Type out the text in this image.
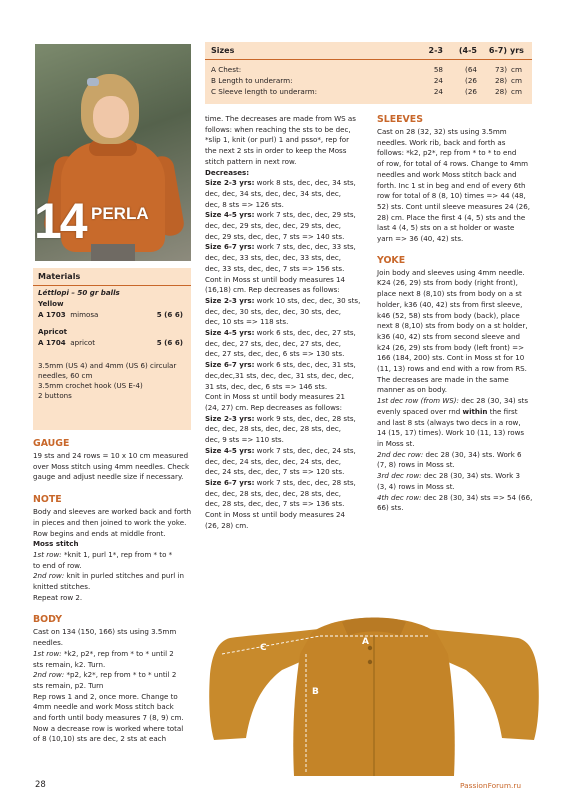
14 PERLA
Sizes	2-3	(4-5	6-7) yrs
A Chest:	58	(64	73) cm
B Length to underarm:	24	(26	28) cm
C Sleeve length to underarm:	24	(26	28) cm
Materials
Léttlopi – 50 gr balls
Yellow
A 1703 mimosa	5 (6 6)
Apricot
A 1704 apricot	5 (6 6)
3.5mm (US 4) and 4mm (US 6) circular
needles, 60 cm
3.5mm crochet hook (US E-4)
2 buttons
GAUGE

19 sts and 24 rows = 10 x 10 cm measured

over Moss stitch using 4mm needles. Check

gauge and adjust needle size if necessary.

NOTE

Body and sleeves are worked back and forth

in pieces and then joined to work the yoke.

Row begins and ends at middle front.

Moss stitch

1st row: *knit 1, purl 1*, rep from * to *

to end of row.

2nd row: knit in purled stitches and purl in

knitted stitches.

Repeat row 2.

BODY

Cast on 134 (150, 166) sts using 3.5mm

needles.

1st row: *k2, p2*, rep from * to * until 2

sts remain, k2. Turn.

2nd row: *p2, k2*, rep from * to * until 2

sts remain, p2. Turn

Rep rows 1 and 2, once more. Change to

4mm needle and work Moss stitch back

and forth until body measures 7 (8, 9) cm.

Now a decrease row is worked where total

of 8 (10,10) sts are dec, 2 sts at each

time. The decreases are made from WS as

follows: when reaching the sts to be dec,

*slip 1, knit (or purl) 1 and psso*, rep for

the next 2 sts in order to keep the Moss

stitch pattern in next row.

Decreases:

Size 2-3 yrs: work 8 sts, dec, dec, 34 sts,

dec, dec, 34 sts, dec, dec, 34 sts, dec,

dec, 8 sts => 126 sts.

Size 4-5 yrs: work 7 sts, dec, dec, 29 sts,

dec, dec, 29 sts, dec, dec, 29 sts, dec,

dec, 29 sts, dec, dec, 7 sts => 140 sts.

Size 6-7 yrs: work 7 sts, dec, dec, 33 sts,

dec, dec, 33 sts, dec, dec, 33 sts, dec,

dec, 33 sts, dec, dec, 7 sts => 156 sts.

Cont in Moss st until body measures 14

(16,18) cm. Rep decreases as follows:

Size 2-3 yrs: work 10 sts, dec, dec, 30 sts,

dec, dec, 30 sts, dec, dec, 30 sts, dec,

dec, 10 sts => 118 sts.

Size 4-5 yrs: work 6 sts, dec, dec, 27 sts,

dec, dec, 27 sts, dec, dec, 27 sts, dec,

dec, 27 sts, dec, dec, 6 sts => 130 sts.

Size 6-7 yrs: work 6 sts, dec, dec, 31 sts,

dec,dec,31 sts, dec, dec, 31 sts, dec, dec,

31 sts, dec, dec, 6 sts => 146 sts.

Cont in Moss st until body measures 21

(24, 27) cm. Rep decreases as follows:

Size 2-3 yrs: work 9 sts, dec, dec, 28 sts,

dec, dec, 28 sts, dec, dec, 28 sts, dec,

dec, 9 sts => 110 sts.

Size 4-5 yrs: work 7 sts, dec, dec, 24 sts,

dec, dec, 24 sts, dec, dec, 24 sts, dec,

dec, 24 sts, dec, dec, 7 sts => 120 sts.

Size 6-7 yrs: work 7 sts, dec, dec, 28 sts,

dec, dec, 28 sts, dec, dec, 28 sts, dec,

dec, 28 sts, dec, dec, 7 sts => 136 sts.

Cont in Moss st until body measures 24

(26, 28) cm.

SLEEVES

Cast on 28 (32, 32) sts using 3.5mm

needles. Work rib, back and forth as

follows: *k2, p2*, rep from * to * to end

of row, for total of 4 rows. Change to 4mm

needles and work Moss stitch back and

forth. Inc 1 st in beg and end of every 6th

row for total of 8 (8, 10) times => 44 (48,

52) sts. Cont until sleeve measures 24 (26,

28) cm. Place the first 4 (4, 5) sts and the

last 4 (4, 5) sts on a st holder or waste

yarn => 36 (40, 42) sts.

YOKE

Join body and sleeves using 4mm needle.

K24 (26, 29) sts from body (right front),

place next 8 (8,10) sts from body on a st

holder, k36 (40, 42) sts from first sleeve,

k46 (52, 58) sts from body (back), place

next 8 (8,10) sts from body on a st holder,

k36 (40, 42) sts from second sleeve and

k24 (26, 29) sts from body (left front) =>

166 (184, 200) sts. Cont in Moss st for 10

(11, 13) rows and end with a row from RS.

The decreases are made in the same

manner as on body.

1st dec row (from WS): dec 28 (30, 34) sts

evenly spaced over rnd within the first

and last 8 sts (always two decs in a row,

14 (15, 17) times). Work 10 (11, 13) rows

in Moss st.

2nd dec row: dec 28 (30, 34) sts. Work 6

(7, 8) rows in Moss st.

3rd dec row: dec 28 (30, 34) sts. Work 3

(3, 4) rows in Moss st.

4th dec row: dec 28 (30, 34) sts => 54 (66,

66) sts.

C
A
B
28	PassionForum.ru
